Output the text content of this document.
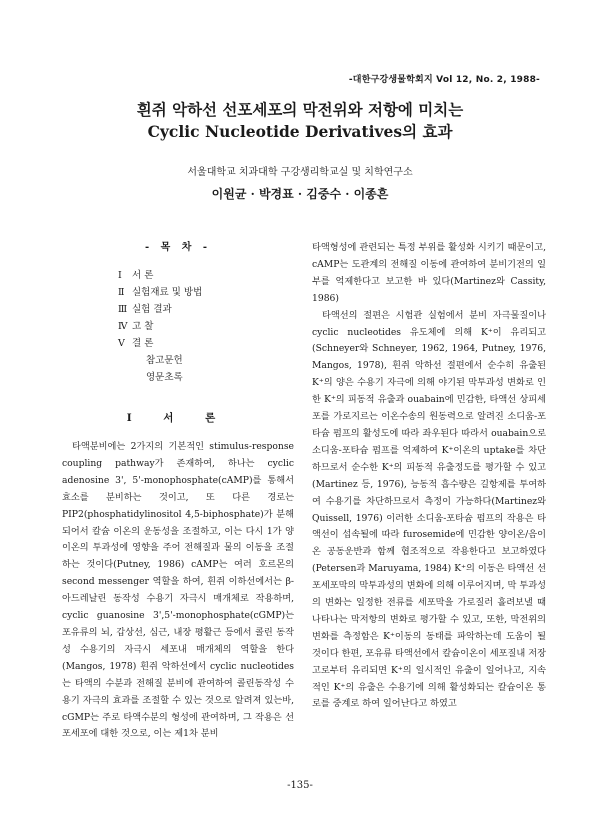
-대한구강생물학회지 Vol 12, No. 2, 1988-
흰쥐 악하선 선포세포의 막전위와 저항에 미치는
Cyclic Nucleotide Derivatives의 효과
서울대학교 치과대학 구강생리학교실 및 치학연구소
이원균 · 박경표 · 김중수 · 이종흔
- 목 차 -
I	서 론
Ⅱ 실험재료 및 방법
Ⅲ 실험 결과
Ⅳ 고 찰
V 결 론
참고문헌
영문초록
I 서 론

타액분비에는 2가지의 기본적인 stimulus-response coupling pathway가 존재하여, 하나는 cyclic adenosine 3', 5'-monophosphate(cAMP)를 통해서 효소를 분비하는 것이고, 또 다른 경로는 PIP2(phosphatidylinositol 4,5-biphosphate)가 분해되어서 칼슘 이온의 운동성을 조절하고, 이는 다시 1가 양이온의 투과성에 영향을 주어 전해질과 물의 이동을 조절하는 것이다(Putney, 1986) cAMP는 여러 호르몬의 second messenger 역할을 하여, 흰쥐 이하선에서는 β-아드레날린 동작성 수용기 자극시 매개체로 작용하며, cyclic guanosine 3',5'-monophosphate(cGMP)는 포유류의 뇌, 갑상선, 심근, 내장 평활근 등에서 콜린 동작성 수용기의 자극시 세포내 매개체의 역할을 한다(Mangos, 1978) 흰쥐 악하선에서 cyclic nucleotides는 타액의 수분과 전해질 분비에 관여하여 콜린동작성 수용기 자극의 효과를 조절할 수 있는 것으로 알려져 있는바, cGMP는 주로 타액수분의 형성에 관여하며, 그 작용은 선포세포에 대한 것으로, 이는 제1차 분비

타액형성에 관련되는 특정 부위를 활성화 시키기 때문이고, cAMP는 도관계의 전해질 이동에 관여하여 분비기전의 일부를 억제한다고 보고한 바 있다(Martinez와 Cassity, 1986)

타액선의 절편은 시험관 실험에서 분비 자극물질이나 cyclic nucleotides 유도체에 의해 K⁺이 유리되고(Schneyer와 Schneyer, 1962, 1964, Putney, 1976, Mangos, 1978), 흰쥐 악하선 절편에서 순수히 유출된 K⁺의 양은 수용기 자극에 의해 야기된 막투과성 변화로 인한 K⁺의 피동적 유출과 ouabain에 민감한, 타액선 상피세포를 가로지르는 이온수송의 원동력으로 알려진 소디움-포타슘 펌프의 활성도에 따라 좌우된다 따라서 ouabain으로 소디움-포타슘 펌프를 억제하여 K⁺이온의 uptake를 차단하므로서 순수한 K⁺의 피동적 유출정도를 평가할 수 있고(Martinez 등, 1976), 능동적 흡수량은 길항제를 투여하여 수용기를 차단하므로서 측정이 가능하다(Martinez와 Quissell, 1976) 이러한 소디움-포타슘 펌프의 작용은 타액선이 섭속될에 따라 furosemide에 민감한 양이온/음이온 공동운반과 함께 협조적으로 작용한다고 보고하였다(Petersen과 Maruyama, 1984) K⁺의 이동은 타액선 선포세포막의 막투과성의 변화에 의해 이루어지며, 막 투과성의 변화는 일정한 전류를 세포막을 가로질러 흘려보낼 때 나타나는 막저항의 변화로 평가할 수 있고, 또한, 막전위의 변화를 측정함은 K⁺이동의 동태를 파악하는데 도움이 될 것이다 한편, 포유류 타액선에서 칼슘이온이 세포질내 저장고로부터 유리되면 K⁺의 일시적인 유출이 일어나고, 지속적인 K⁺의 유출은 수용기에 의해 활성화되는 칼슘이온 통로를 중계로 하여 일어난다고 하였고

-135-
